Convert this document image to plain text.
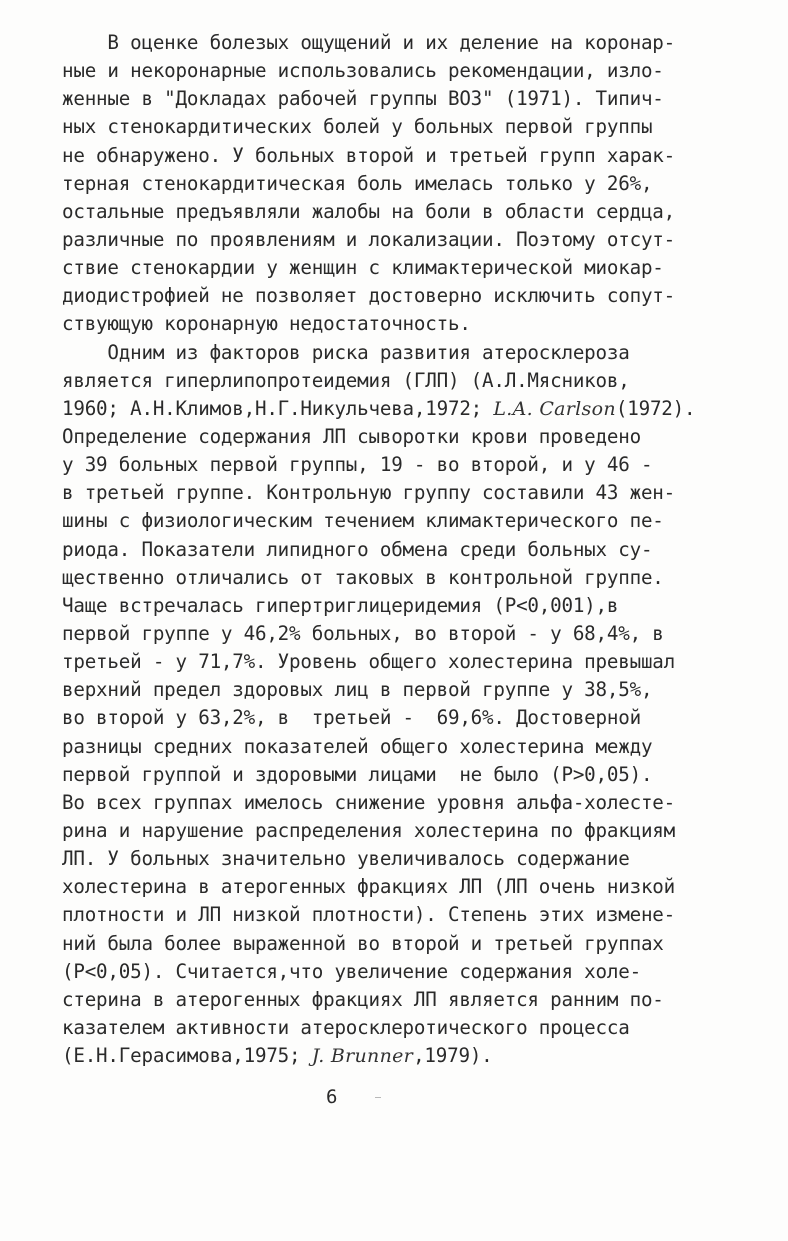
В оценке болезых ощущений и их деление на коронар-
ные и некоронарные использовались рекомендации, изло-
женные в "Докладах рабочей группы ВОЗ" (1971). Типич-
ных стенокардитических болей у больных первой группы
не обнаружено. У больных второй и третьей групп харак-
терная стенокардитическая боль имелась только у 26%,
остальные предъявляли жалобы на боли в области сердца,
различные по проявлениям и локализации. Поэтому отсут-
ствие стенокардии у женщин с климактерической миокар-
диодистрофией не позволяет достоверно исключить сопут-
ствующую коронарную недостаточность.
Одним из факторов риска развития атеросклероза
является гиперлипопротеидемия (ГЛП) (А.Л.Мясников,
1960; А.Н.Климов,Н.Г.Никульчева,1972; L.A. Carlson(1972).
Определение содержания ЛП сыворотки крови проведено
у 39 больных первой группы, 19 - во второй, и у 46 -
в третьей группе. Контрольную группу составили 43 жен-
шины с физиологическим течением климактерического пе-
риода. Показатели липидного обмена среди больных су-
щественно отличались от таковых в контрольной группе.
Чаще встречалась гипертриглицеридемия (Р<0,001),в
первой группе у 46,2% больных, во второй - у 68,4%, в
третьей - у 71,7%. Уровень общего холестерина превышал
верхний предел здоровых лиц в первой группе у 38,5%,
во второй у 63,2%, в  третьей -  69,6%. Достоверной
разницы средних показателей общего холестерина между
первой группой и здоровыми лицами  не было (Р>0,05).
Во всех группах имелось снижение уровня альфа-холесте-
рина и нарушение распределения холестерина по фракциям
ЛП. У больных значительно увеличивалось содержание
холестерина в атерогенных фракциях ЛП (ЛП очень низкой
плотности и ЛП низкой плотности). Степень этих измене-
ний была более выраженной во второй и третьей группах
(Р<0,05). Считается,что увеличение содержания холе-
стерина в атерогенных фракциях ЛП является ранним по-
казателем активности атеросклеротического процесса
(Е.Н.Герасимова,1975; J. Brunner,1979).
6
